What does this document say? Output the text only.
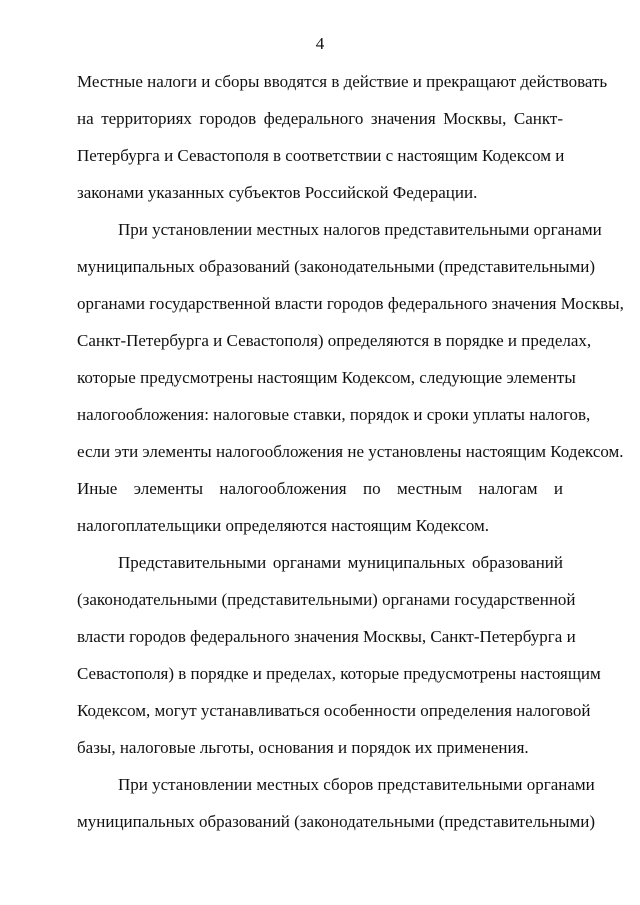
4
Местные налоги и сборы вводятся в действие и прекращают действовать
на территориях городов федерального значения Москвы, Санкт-
Петербурга и Севастополя в соответствии с настоящим Кодексом и
законами указанных субъектов Российской Федерации.
При установлении местных налогов представительными органами
муниципальных образований (законодательными (представительными)
органами государственной власти городов федерального значения Москвы,
Санкт-Петербурга и Севастополя) определяются в порядке и пределах,
которые предусмотрены настоящим Кодексом, следующие элементы
налогообложения: налоговые ставки, порядок и сроки уплаты налогов,
если эти элементы налогообложения не установлены настоящим Кодексом.
Иные элементы налогообложения по местным налогам и
налогоплательщики определяются настоящим Кодексом.
Представительными органами муниципальных образований
(законодательными (представительными) органами государственной
власти городов федерального значения Москвы, Санкт-Петербурга и
Севастополя) в порядке и пределах, которые предусмотрены настоящим
Кодексом, могут устанавливаться особенности определения налоговой
базы, налоговые льготы, основания и порядок их применения.
При установлении местных сборов представительными органами
муниципальных образований (законодательными (представительными)
